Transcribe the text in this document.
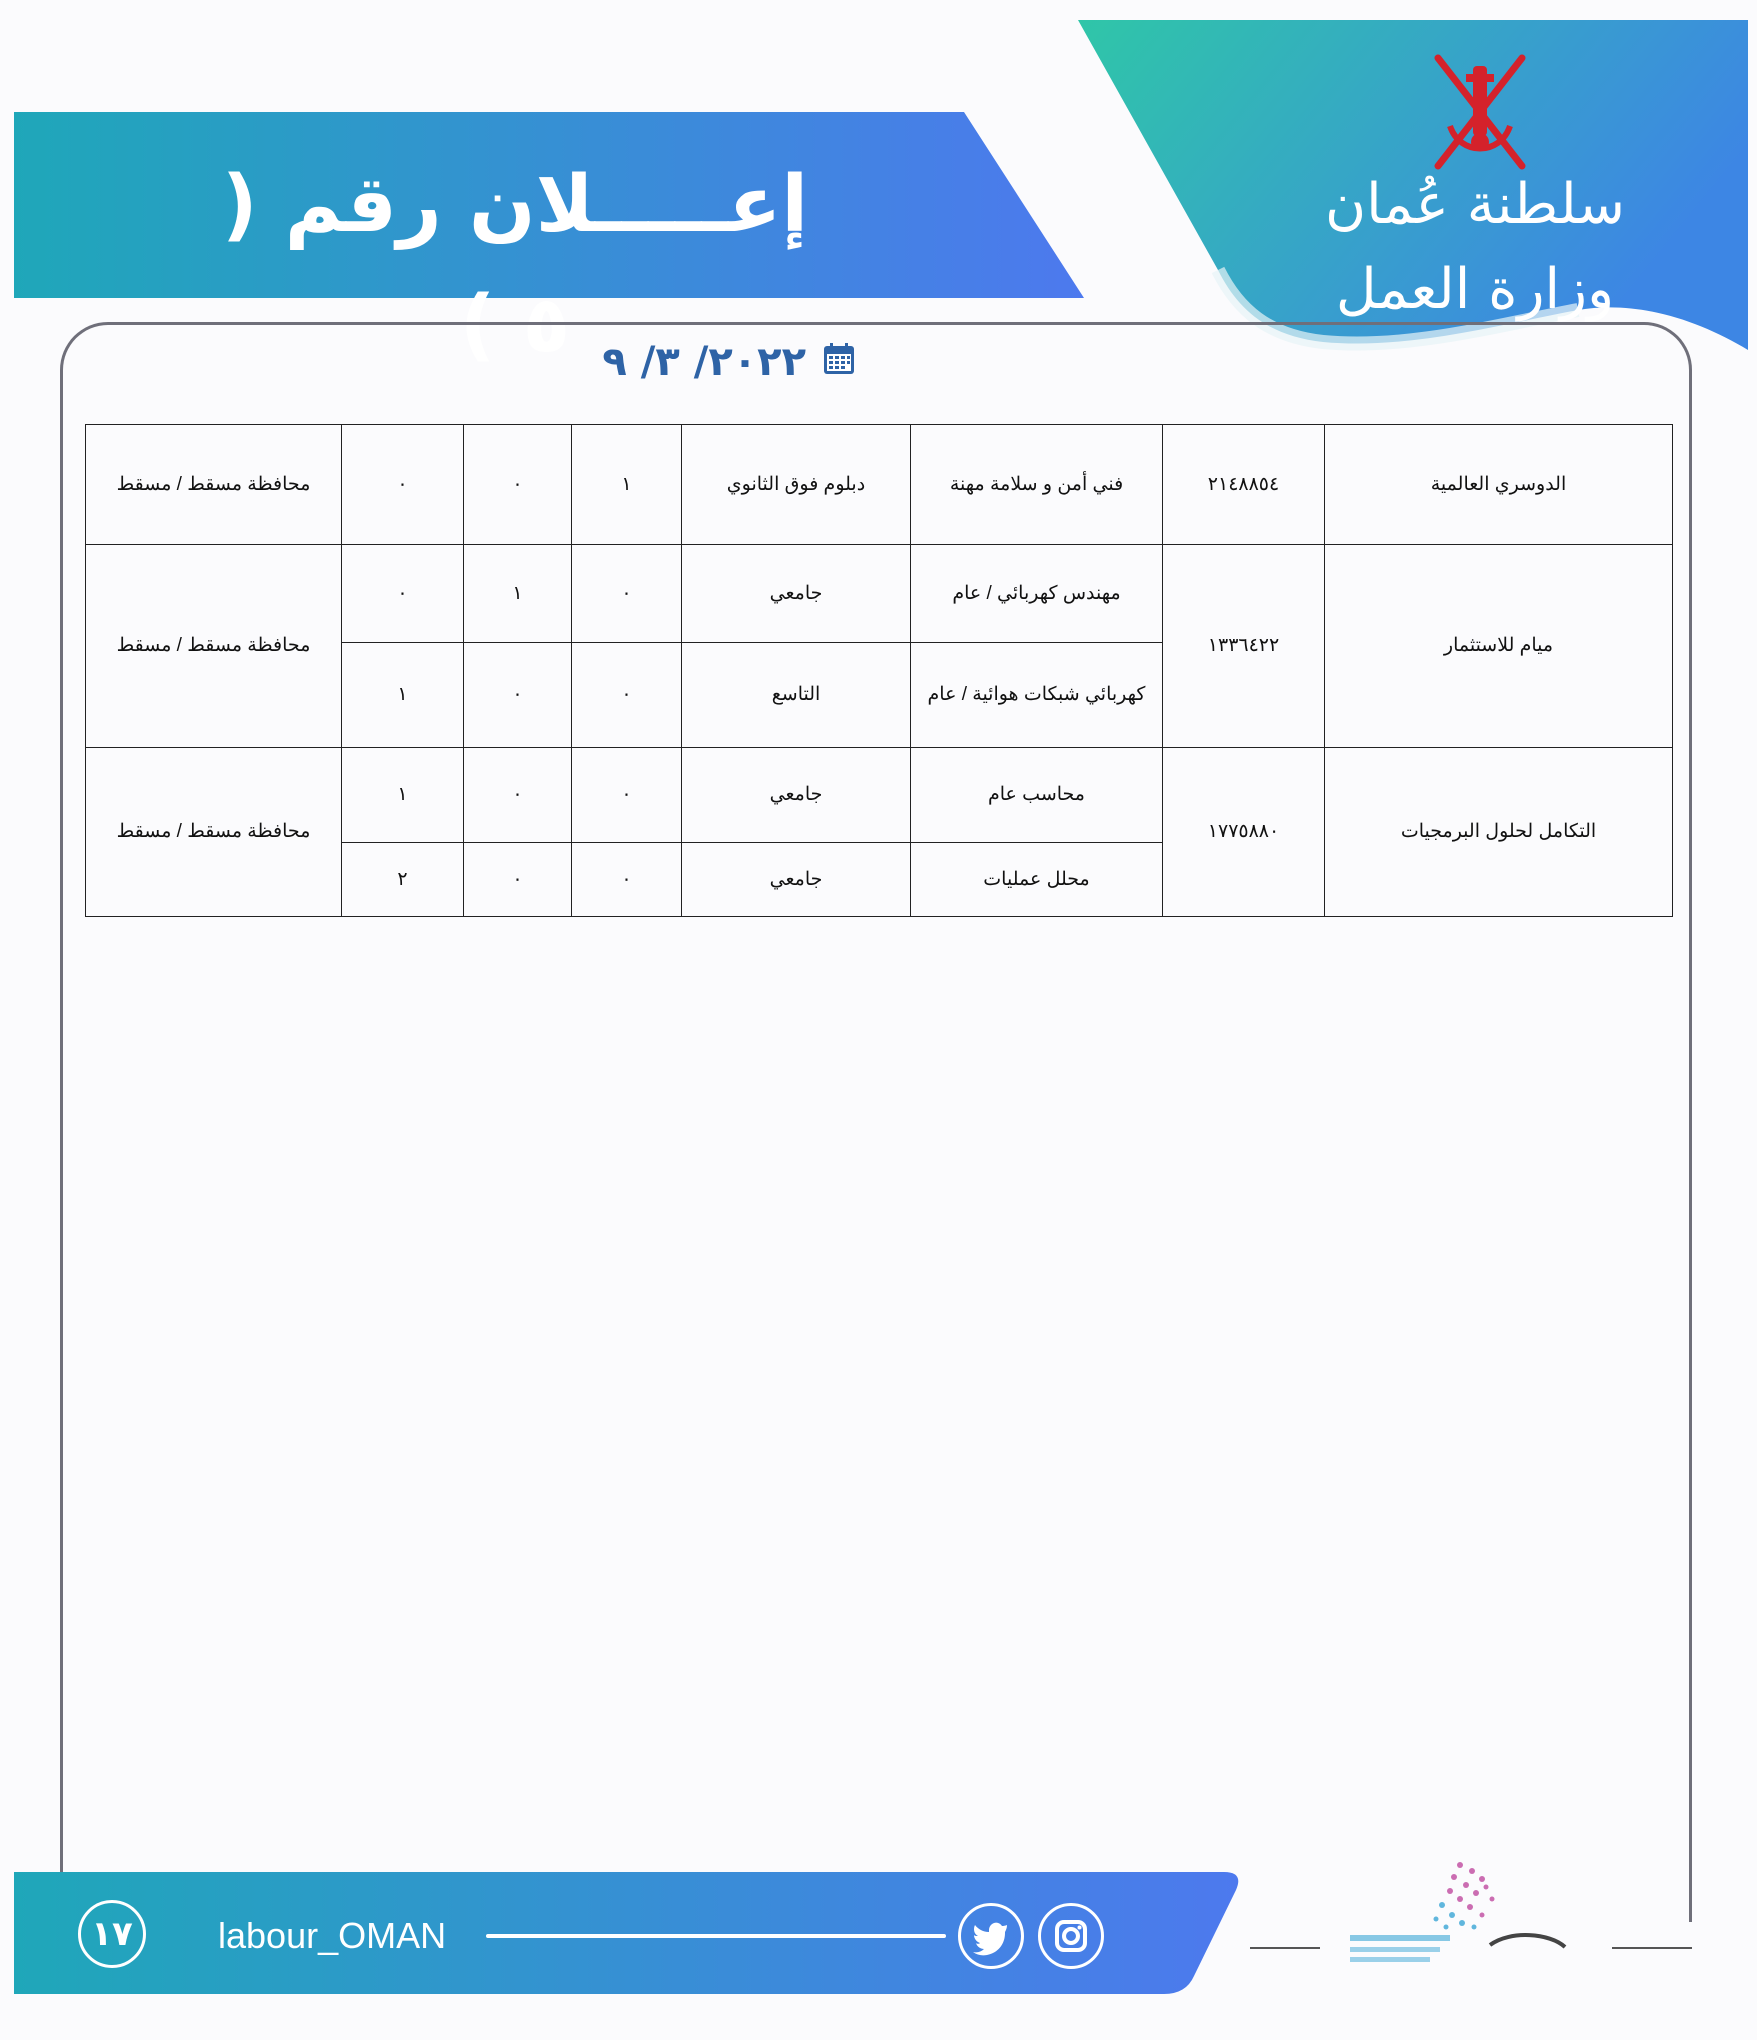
إعـــــلان رقم ( ٥ )
سلطنة عُمان
وزارة العمل
٢٠٢٢/ ٣/ ٩
الدوسري العالمية	٢١٤٨٨٥٤	فني أمن و سلامة مهنة	دبلوم فوق الثانوي	١	٠	٠	محافظة مسقط / مسقط
ميام للاستثمار	١٣٣٦٤٢٢	مهندس كهربائي / عام	جامعي	٠	١	٠	محافظة مسقط / مسقط
		كهربائي شبكات هوائية / عام	التاسع	٠	٠	١	
التكامل لحلول البرمجيات	١٧٧٥٨٨٠	محاسب عام	جامعي	٠	٠	١	محافظة مسقط / مسقط
		محلل عمليات	جامعي	٠	٠	٢	
١٧	labour_OMAN
